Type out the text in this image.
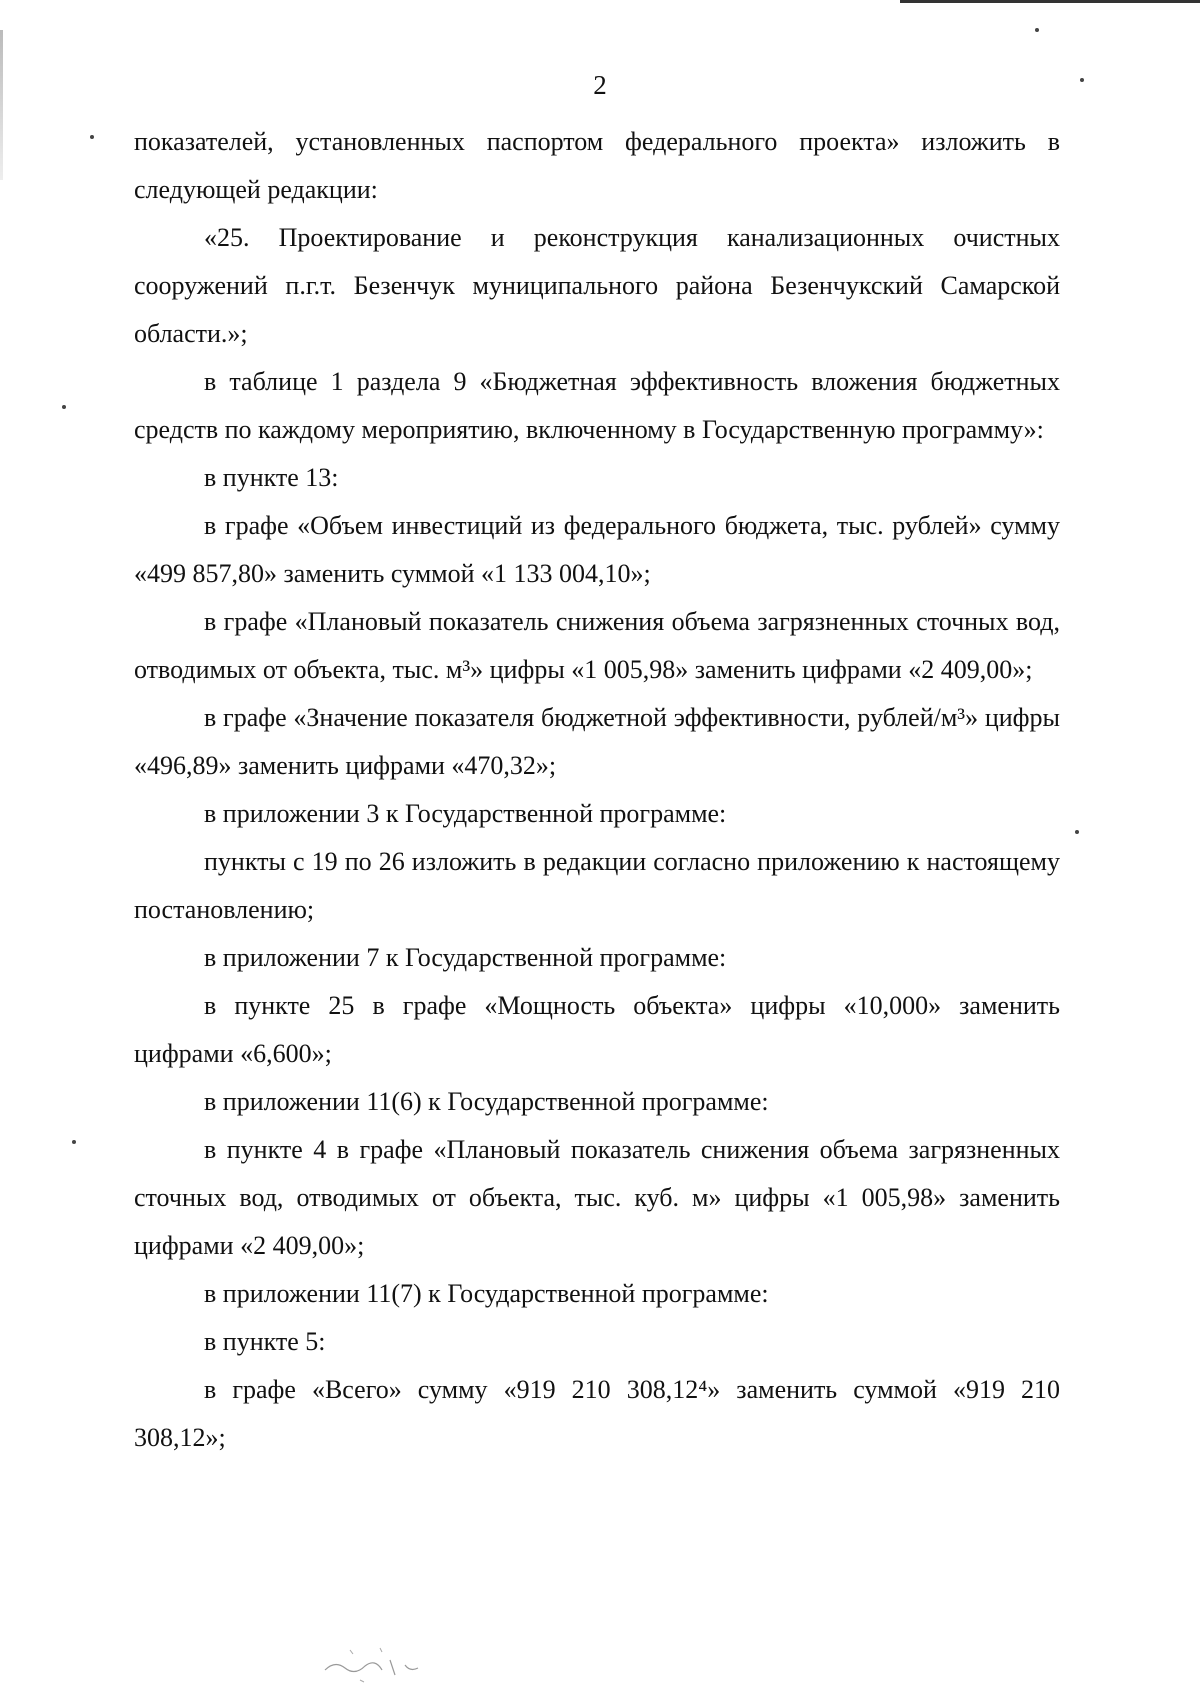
2

показателей, установленных паспортом федерального проекта» изложить в следующей редакции:

«25. Проектирование и реконструкция канализационных очистных сооружений п.г.т. Безенчук муниципального района Безенчукский Самарской области.»;

в таблице 1 раздела 9 «Бюджетная эффективность вложения бюджетных средств по каждому мероприятию, включенному в Государственную программу»:

в пункте 13:

в графе «Объем инвестиций из федерального бюджета, тыс. рублей» сумму «499 857,80» заменить суммой «1 133 004,10»;

в графе «Плановый показатель снижения объема загрязненных сточных вод, отводимых от объекта, тыс. м³» цифры «1 005,98» заменить цифрами «2 409,00»;

в графе «Значение показателя бюджетной эффективности, рублей/м³» цифры «496,89» заменить цифрами «470,32»;

в приложении 3 к Государственной программе:

пункты с 19 по 26 изложить в редакции согласно приложению к настоящему постановлению;

в приложении 7 к Государственной программе:

в пункте 25 в графе «Мощность объекта» цифры «10,000» заменить цифрами «6,600»;

в приложении 11(6) к Государственной программе:

в пункте 4 в графе «Плановый показатель снижения объема загрязненных сточных вод, отводимых от объекта, тыс. куб. м» цифры «1 005,98» заменить цифрами «2 409,00»;

в приложении 11(7) к Государственной программе:

в пункте 5:

в графе «Всего» сумму «919 210 308,12⁴» заменить суммой «919 210 308,12»;
